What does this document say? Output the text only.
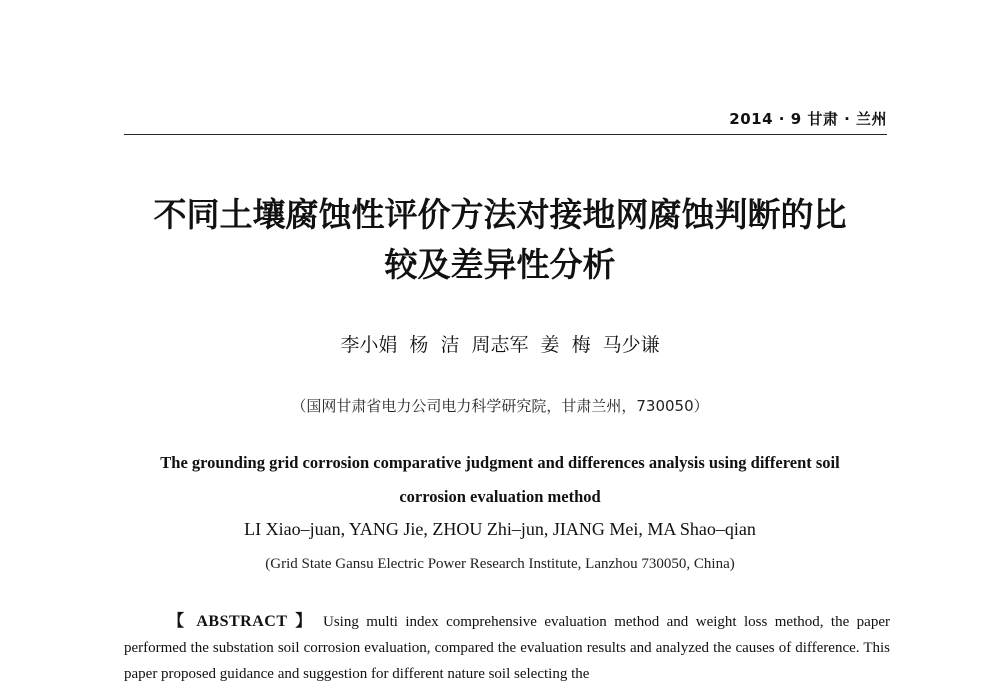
2014 · 9 甘肃 · 兰州
不同土壤腐蚀性评价方法对接地网腐蚀判断的比
较及差异性分析
李小娟 杨 洁 周志军 姜 梅 马少谦
（国网甘肃省电力公司电力科学研究院，甘肃兰州，730050）
The grounding grid corrosion comparative judgment and differences analysis using different soil
corrosion evaluation method
LI Xiao–juan, YANG Jie, ZHOU Zhi–jun, JIANG Mei, MA Shao–qian
(Grid State Gansu Electric Power Research Institute, Lanzhou 730050, China)

【 ABSTRACT 】 Using multi index comprehensive evaluation method and weight loss method, the paper performed the substation soil corrosion evaluation, compared the evaluation results and analyzed the causes of difference. This paper proposed guidance and suggestion for different nature soil selecting the
